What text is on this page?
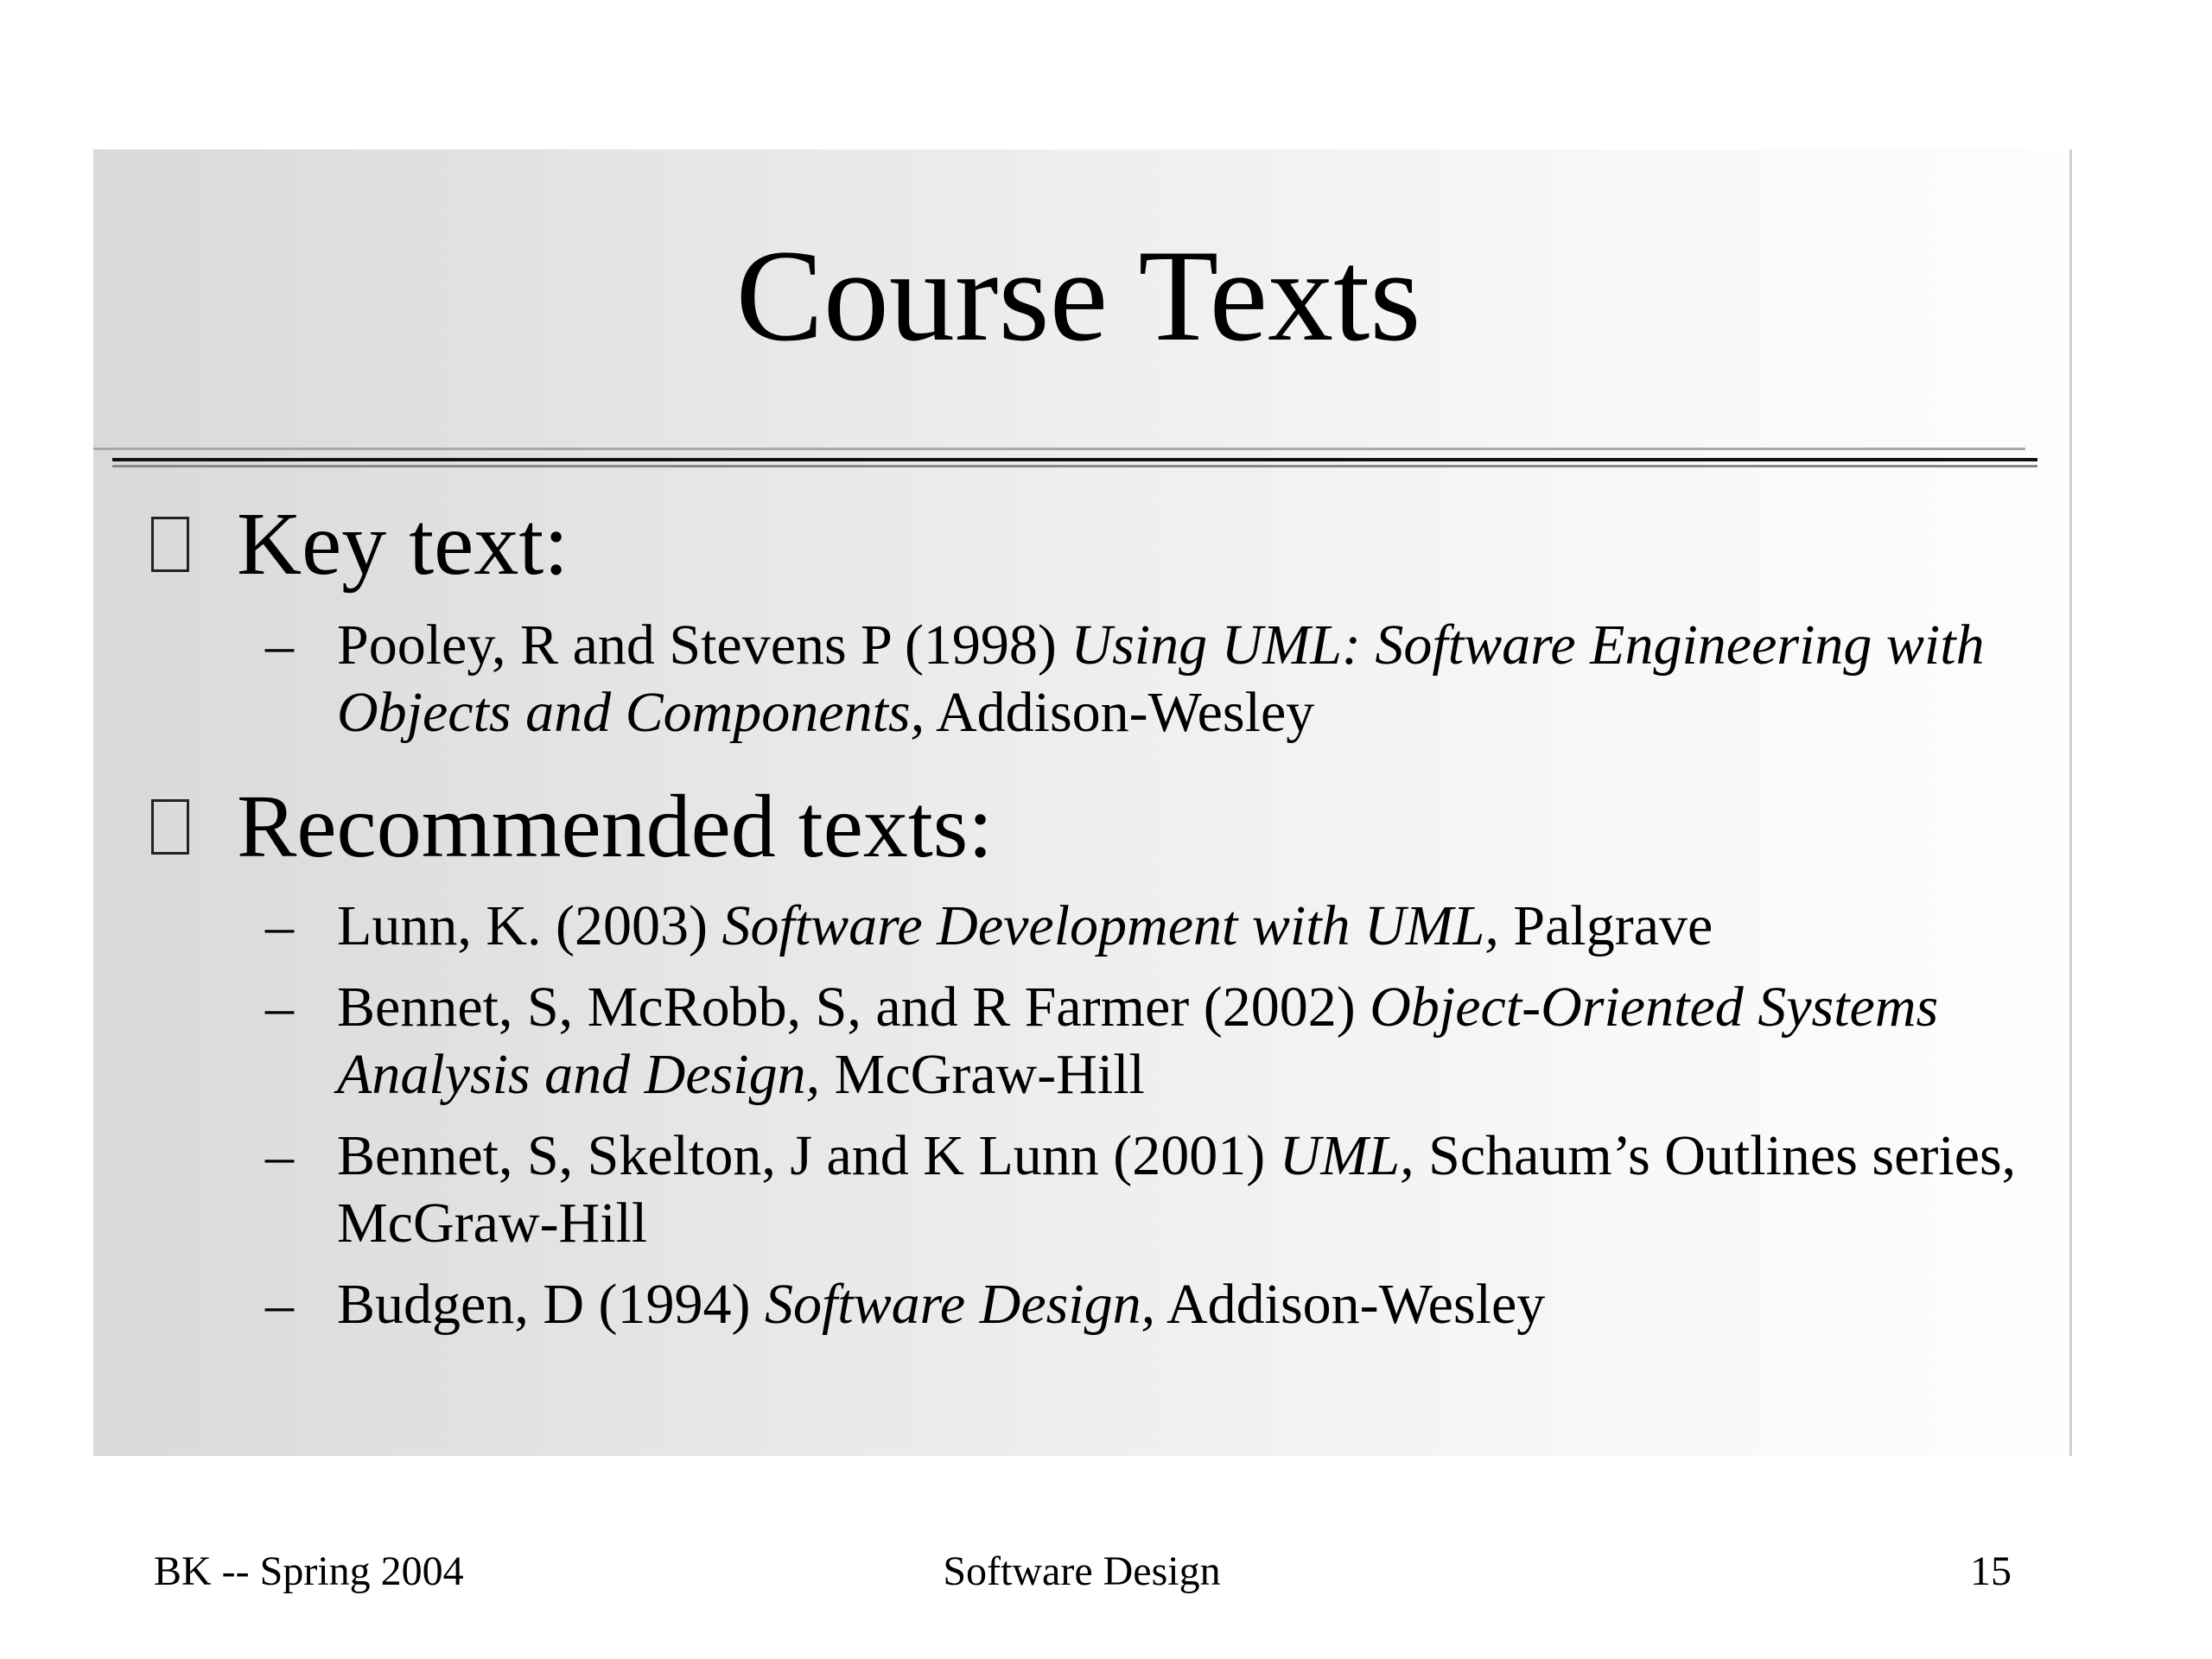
Course Texts
Key text:
– Pooley, R and Stevens P (1998) Using UML: Software Engineering with Objects and Components, Addison-Wesley
Recommended texts:
– Lunn, K. (2003) Software Development with UML, Palgrave
– Bennet, S, McRobb, S, and R Farmer (2002) Object-Oriented Systems Analysis and Design, McGraw-Hill
– Bennet, S, Skelton, J and K Lunn (2001) UML, Schaum’s Outlines series, McGraw-Hill
– Budgen, D (1994) Software Design, Addison-Wesley
BK -- Spring 2004	Software Design	15
